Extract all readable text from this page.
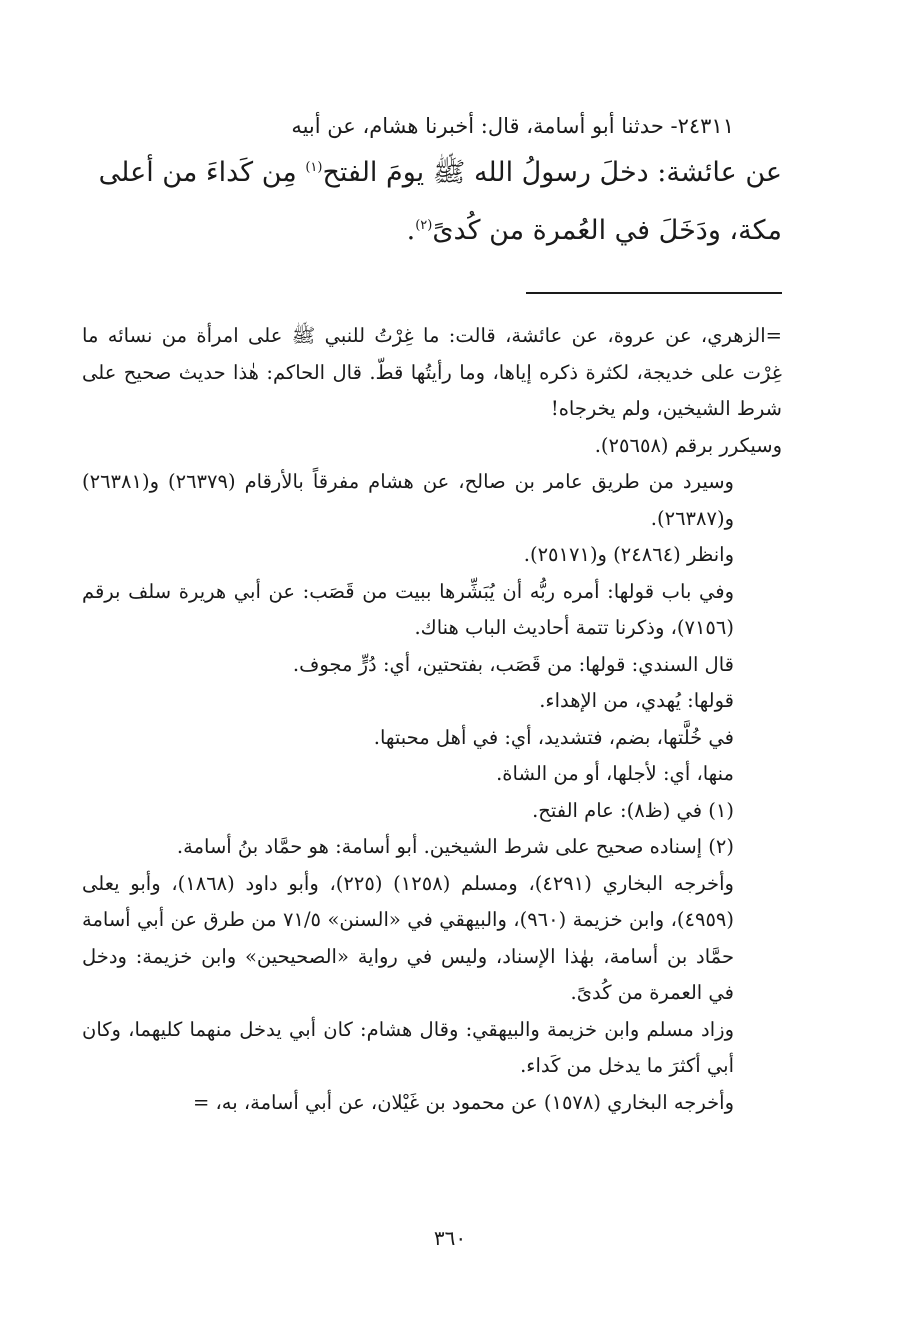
٢٤٣١١- حدثنا أبو أسامة، قال: أخبرنا هشام، عن أبيه

عن عائشة: دخلَ رسولُ الله ﷺ يومَ الفتح$^{(١)}$ مِن كَداءَ من أعلى مكة، ودَخَلَ في العُمرة من كُدىً$^{(٢)}$.

=الزهري، عن عروة، عن عائشة، قالت: ما غِرْتُ للنبي ﷺ على امرأة من نسائه ما غِرْت على خديجة، لكثرة ذكره إياها، وما رأيتُها قطّ. قال الحاكم: هٰذا حديث صحيح على شرط الشيخين، ولم يخرجاه!

وسيكرر برقم (٢٥٦٥٨).

وسيرد من طريق عامر بن صالح، عن هشام مفرقاً بالأرقام (٢٦٣٧٩) و(٢٦٣٨١) و(٢٦٣٨٧).

وانظر (٢٤٨٦٤) و(٢٥١٧١).

وفي باب قولها: أمره ربُّه أن يُبَشِّرها ببيت من قَصَب: عن أبي هريرة سلف برقم (٧١٥٦)، وذكرنا تتمة أحاديث الباب هناك.

قال السندي: قولها: من قَصَب، بفتحتين، أي: دُرٍّ مجوف.

قولها: يُهدي، من الإهداء.

في خُلَّتها، بضم، فتشديد، أي: في أهل محبتها.

منها، أي: لأجلها، أو من الشاة.

(١) في (ظ٨): عام الفتح.

(٢) إسناده صحيح على شرط الشيخين. أبو أسامة: هو حمَّاد بنُ أسامة.

وأخرجه البخاري (٤٢٩١)، ومسلم (١٢٥٨) (٢٢٥)، وأبو داود (١٨٦٨)، وأبو يعلى (٤٩٥٩)، وابن خزيمة (٩٦٠)، والبيهقي في «السنن» ٧١/٥ من طرق عن أبي أسامة حمَّاد بن أسامة، بهٰذا الإسناد، وليس في رواية «الصحيحين» وابن خزيمة: ودخل في العمرة من كُدىً.

وزاد مسلم وابن خزيمة والبيهقي: وقال هشام: كان أبي يدخل منهما كليهما، وكان أبي أكثرَ ما يدخل من كَداء.

وأخرجه البخاري (١٥٧٨) عن محمود بن غَيْلان، عن أبي أسامة، به، =

٣٦٠
